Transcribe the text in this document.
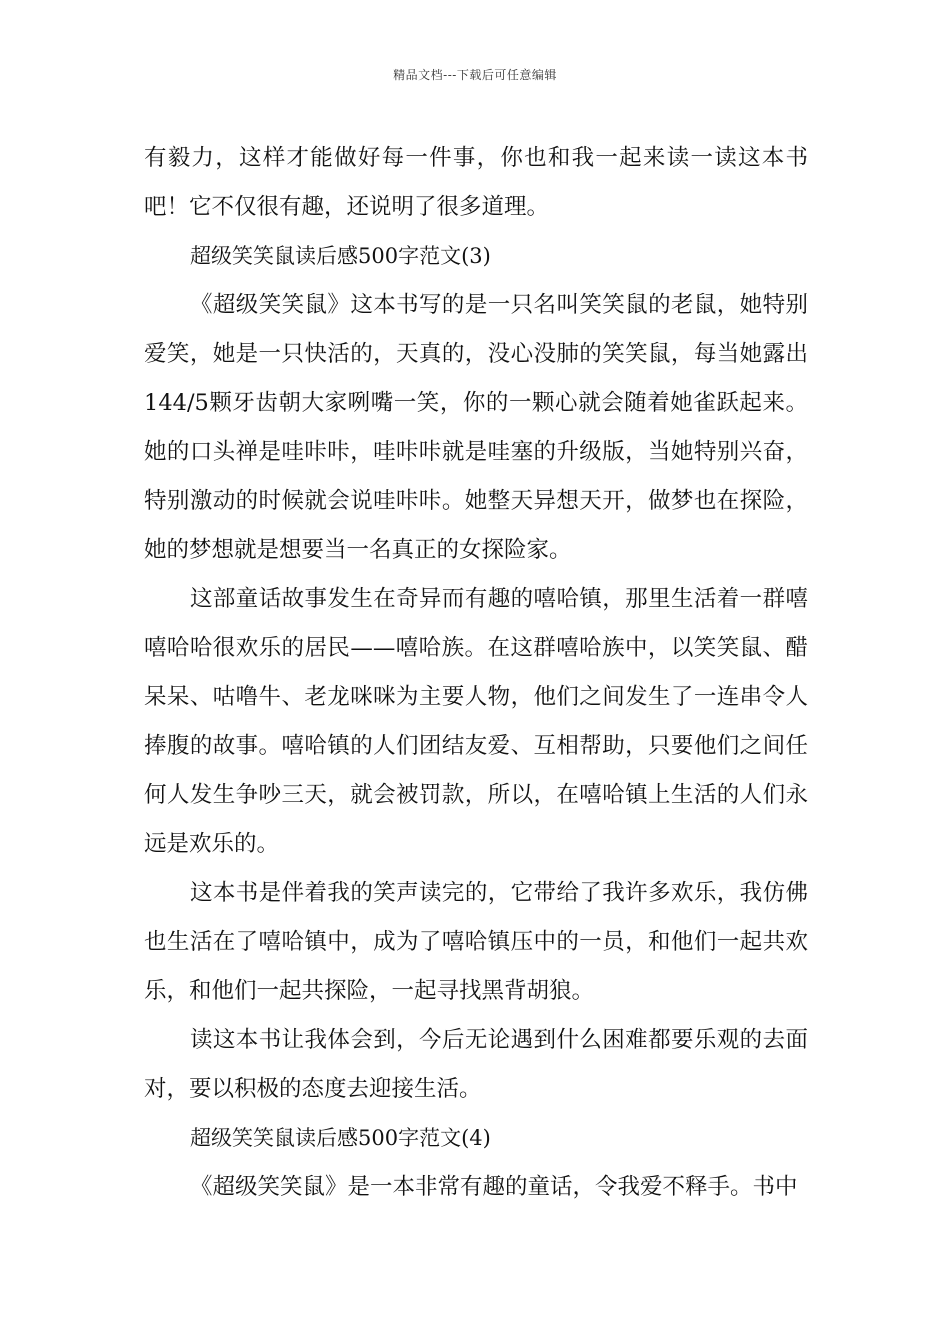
精品文档---下载后可任意编辑

有毅力，这样才能做好每一件事，你也和我一起来读一读这本书吧！它不仅很有趣，还说明了很多道理。

超级笑笑鼠读后感500字范文(3)

《超级笑笑鼠》这本书写的是一只名叫笑笑鼠的老鼠，她特别爱笑，她是一只快活的，天真的，没心没肺的笑笑鼠，每当她露出144/5颗牙齿朝大家咧嘴一笑，你的一颗心就会随着她雀跃起来。她的口头禅是哇咔咔，哇咔咔就是哇塞的升级版，当她特别兴奋，特别激动的时候就会说哇咔咔。她整天异想天开，做梦也在探险，她的梦想就是想要当一名真正的女探险家。

这部童话故事发生在奇异而有趣的嘻哈镇，那里生活着一群嘻嘻哈哈很欢乐的居民——嘻哈族。在这群嘻哈族中，以笑笑鼠、醋呆呆、咕噜牛、老龙咪咪为主要人物，他们之间发生了一连串令人捧腹的故事。嘻哈镇的人们团结友爱、互相帮助，只要他们之间任何人发生争吵三天，就会被罚款，所以，在嘻哈镇上生活的人们永远是欢乐的。

这本书是伴着我的笑声读完的，它带给了我许多欢乐，我仿佛也生活在了嘻哈镇中，成为了嘻哈镇压中的一员，和他们一起共欢乐，和他们一起共探险，一起寻找黑背胡狼。

读这本书让我体会到，今后无论遇到什么困难都要乐观的去面对，要以积极的态度去迎接生活。

超级笑笑鼠读后感500字范文(4)

《超级笑笑鼠》是一本非常有趣的童话，令我爱不释手。书中
